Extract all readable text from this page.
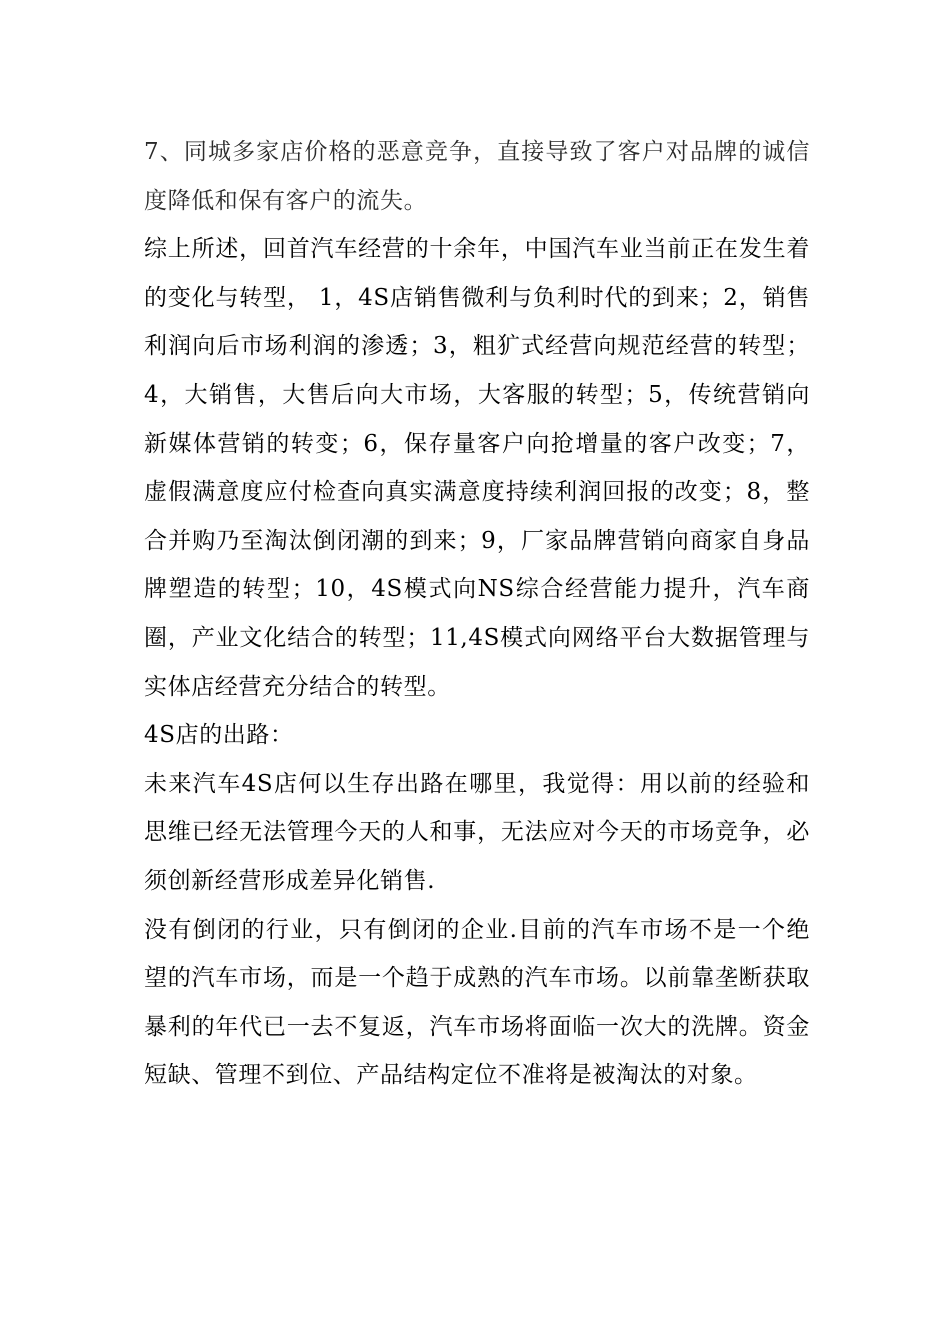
7、同城多家店价格的恶意竞争，直接导致了客户对品牌的诚信度降低和保有客户的流失。

综上所述，回首汽车经营的十余年，中国汽车业当前正在发生着的变化与转型， 1，4S店销售微利与负利时代的到来；2，销售利润向后市场利润的渗透；3，粗犷式经营向规范经营的转型；4，大销售，大售后向大市场，大客服的转型；5，传统营销向新媒体营销的转变；6，保存量客户向抢增量的客户改变；7，虚假满意度应付检查向真实满意度持续利润回报的改变；8，整合并购乃至淘汰倒闭潮的到来；9，厂家品牌营销向商家自身品牌塑造的转型；10，4S模式向NS综合经营能力提升，汽车商圈，产业文化结合的转型；11,4S模式向网络平台大数据管理与实体店经营充分结合的转型。

4S店的出路：

未来汽车4S店何以生存出路在哪里，我觉得：用以前的经验和思维已经无法管理今天的人和事，无法应对今天的市场竞争，必须创新经营形成差异化销售.

没有倒闭的行业，只有倒闭的企业.目前的汽车市场不是一个绝望的汽车市场，而是一个趋于成熟的汽车市场。以前靠垄断获取暴利的年代已一去不复返，汽车市场将面临一次大的洗牌。资金短缺、管理不到位、产品结构定位不准将是被淘汰的对象。
